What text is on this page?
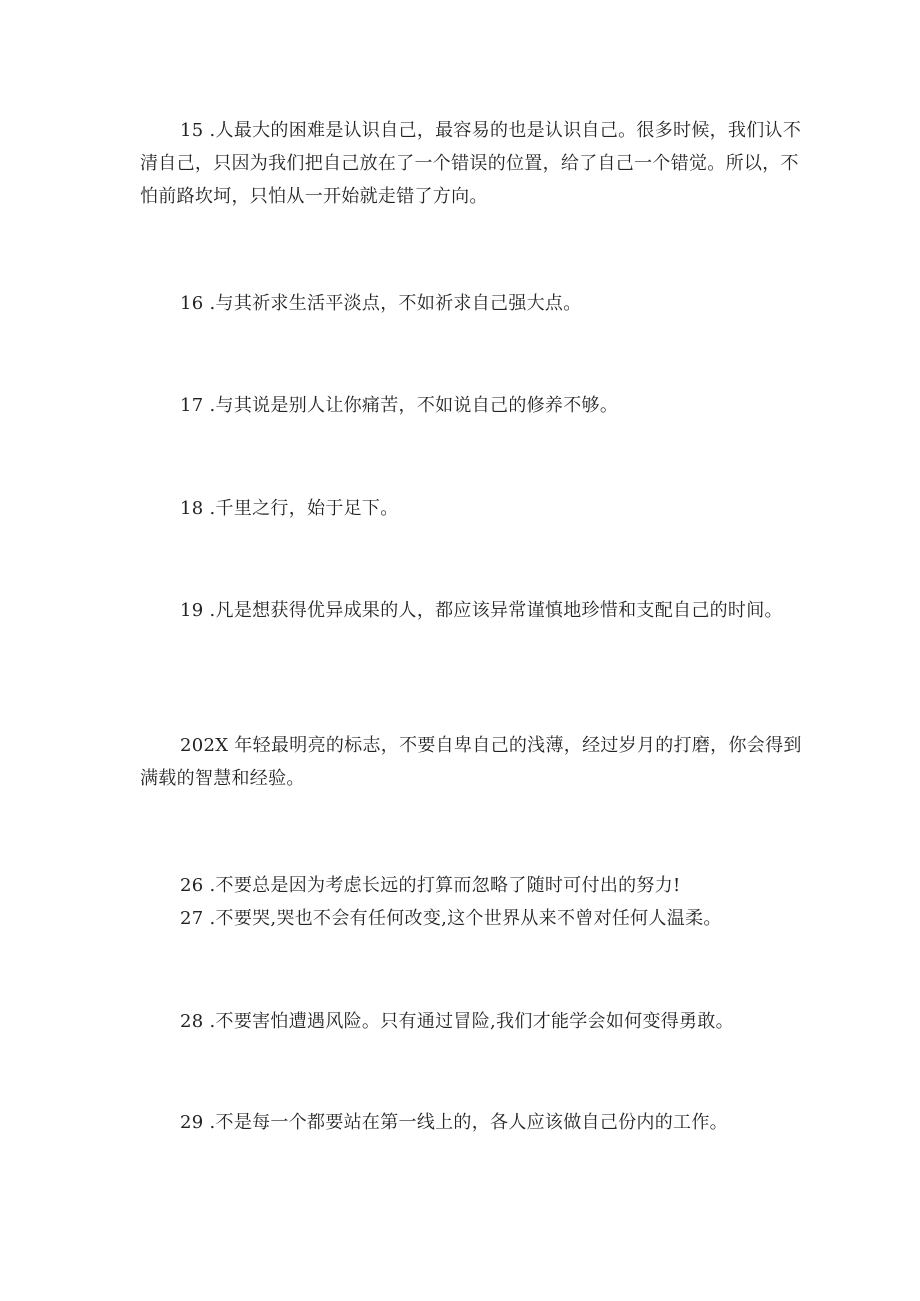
15 .人最大的困难是认识自己，最容易的也是认识自己。很多时候，我们认不清自己，只因为我们把自己放在了一个错误的位置，给了自己一个错觉。所以，不怕前路坎坷，只怕从一开始就走错了方向。

16 .与其祈求生活平淡点，不如祈求自己强大点。

17 .与其说是别人让你痛苦，不如说自己的修养不够。

18 .千里之行，始于足下。

19 .凡是想获得优异成果的人，都应该异常谨慎地珍惜和支配自己的时间。

202X 年轻最明亮的标志，不要自卑自己的浅薄，经过岁月的打磨，你会得到满载的智慧和经验。

26 .不要总是因为考虑长远的打算而忽略了随时可付出的努力!

27 .不要哭,哭也不会有任何改变,这个世界从来不曾对任何人温柔。

28 .不要害怕遭遇风险。只有通过冒险,我们才能学会如何变得勇敢。

29 .不是每一个都要站在第一线上的，各人应该做自己份内的工作。
